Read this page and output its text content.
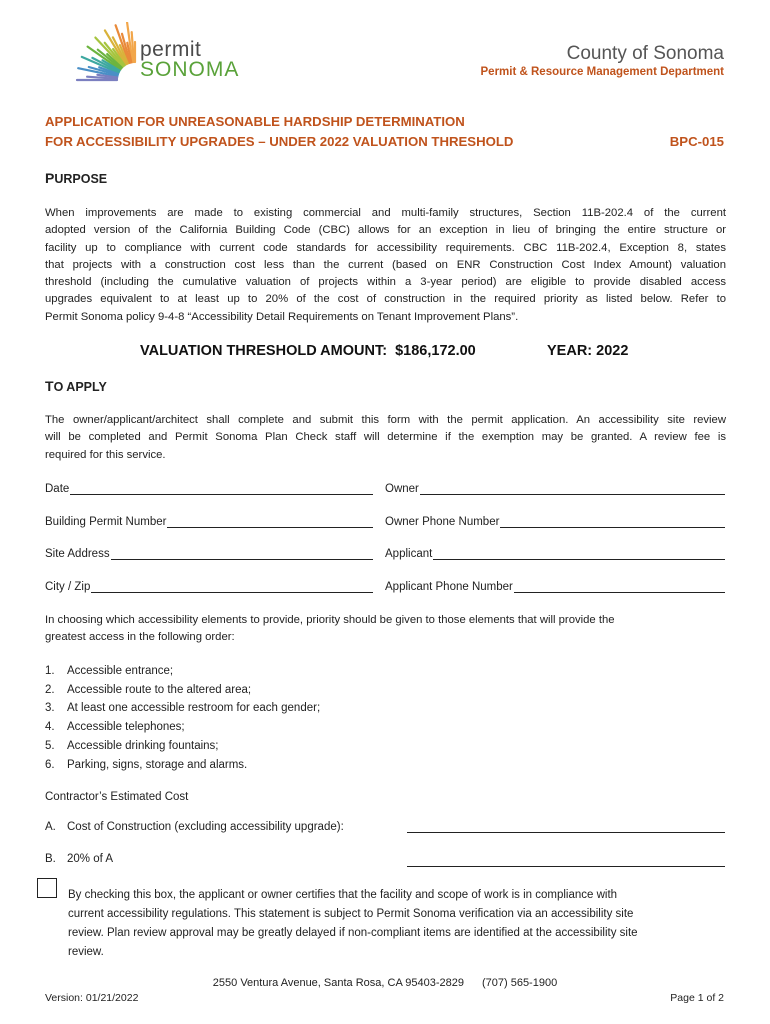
permit
SONOMA
County of Sonoma
Permit & Resource Management Department
APPLICATION FOR UNREASONABLE HARDSHIP DETERMINATION
FOR ACCESSIBILITY UPGRADES – UNDER 2022 VALUATION THRESHOLD	BPC-015
PURPOSE

When improvements are made to existing commercial and multi-family structures, Section 11B-202.4 of the current

adopted version of the California Building Code (CBC) allows for an exception in lieu of bringing the entire structure or

facility up to compliance with current code standards for accessibility requirements. CBC 11B-202.4, Exception 8, states

that projects with a construction cost less than the current (based on ENR Construction Cost Index Amount) valuation

threshold (including the cumulative valuation of projects within a 3-year period) are eligible to provide disabled access

upgrades equivalent to at least up to 20% of the cost of construction in the required priority as listed below. Refer to

Permit Sonoma policy 9-4-8 “Accessibility Detail Requirements on Tenant Improvement Plans”.

VALUATION THRESHOLD AMOUNT: $186,172.00	YEAR: 2022
TO APPLY

The owner/applicant/architect shall complete and submit this form with the permit application. An accessibility site review

will be completed and Permit Sonoma Plan Check staff will determine if the exemption may be granted. A review fee is

required for this service.

Date	Owner
Building Permit Number	Owner Phone Number
Site Address	Applicant
City / Zip	Applicant Phone Number

In choosing which accessibility elements to provide, priority should be given to those elements that will provide the

greatest access in the following order:

1. Accessible entrance;
2. Accessible route to the altered area;
3. At least one accessible restroom for each gender;
4. Accessible telephones;
5. Accessible drinking fountains;
6. Parking, signs, storage and alarms.
Contractor’s Estimated Cost
A. Cost of Construction (excluding accessibility upgrade):
B. 20% of A

By checking this box, the applicant or owner certifies that the facility and scope of work is in compliance with

current accessibility regulations. This statement is subject to Permit Sonoma verification via an accessibility site

review. Plan review approval may be greatly delayed if non-compliant items are identified at the accessibility site

review.

2550 Ventura Avenue, Santa Rosa, CA 95403-2829 (707) 565-1900
Version: 01/21/2022	Page 1 of 2
